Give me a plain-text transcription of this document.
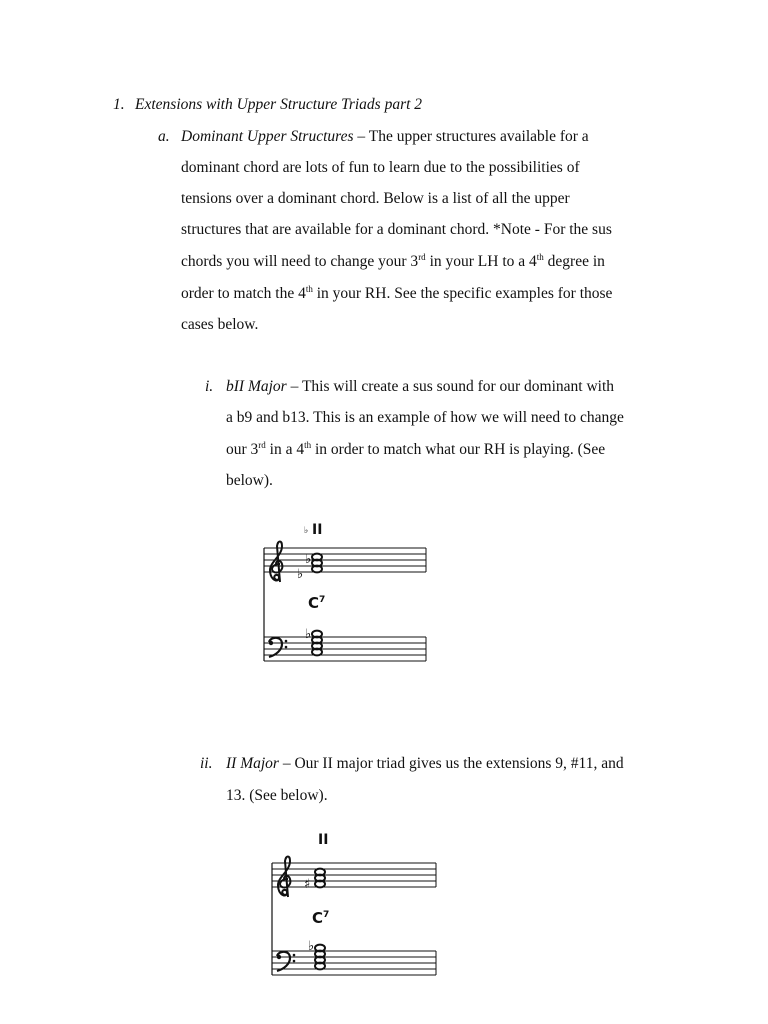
1. Extensions with Upper Structure Triads part 2
a. Dominant Upper Structures – The upper structures available for a
dominant chord are lots of fun to learn due to the possibilities of
tensions over a dominant chord. Below is a list of all the upper
structures that are available for a dominant chord. *Note - For the sus
chords you will need to change your 3rd in your LH to a 4th degree in
order to match the 4th in your RH. See the specific examples for those
cases below.
i. bII Major – This will create a sus sound for our dominant with
a b9 and b13. This is an example of how we will need to change
our 3rd in a 4th in order to match what our RH is playing. (See
below).
♭ II
♭
♭
C 7
♭
ii. II Major – Our II major triad gives us the extensions 9, #11, and
13. (See below).
II
♯
C 7
♭
